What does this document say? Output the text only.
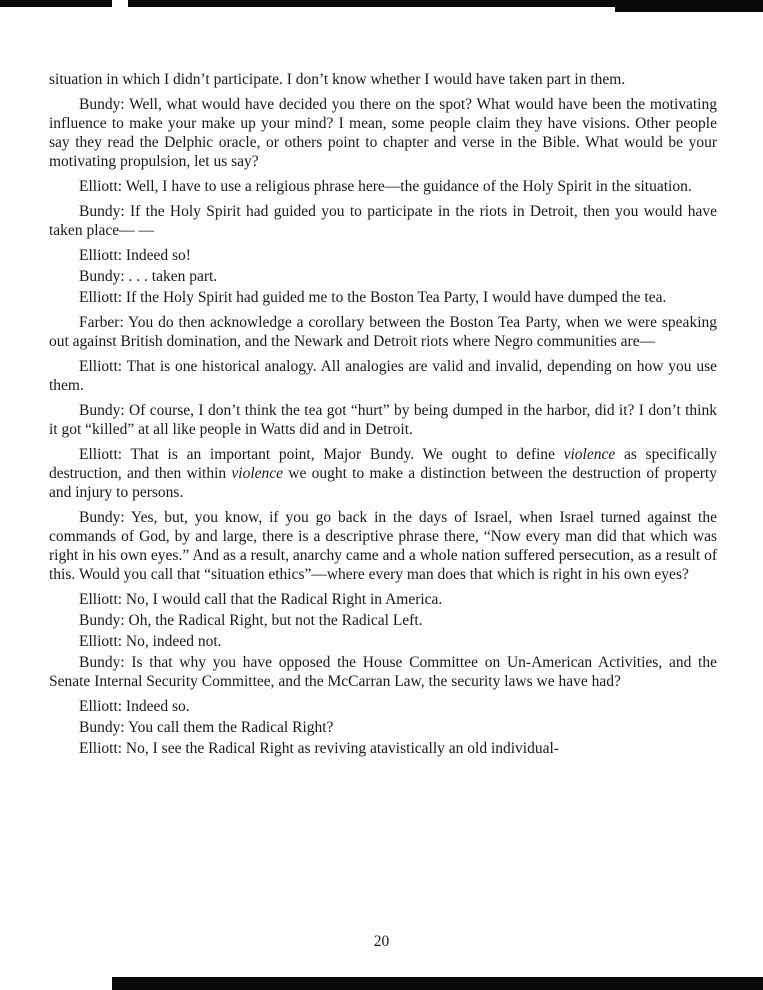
situation in which I didn’t participate. I don’t know whether I would have taken part in them.

Bundy: Well, what would have decided you there on the spot? What would have been the motivating influence to make your make up your mind? I mean, some people claim they have visions. Other people say they read the Delphic oracle, or others point to chapter and verse in the Bible. What would be your motivating propulsion, let us say?

Elliott: Well, I have to use a religious phrase here—the guidance of the Holy Spirit in the situation.

Bundy: If the Holy Spirit had guided you to participate in the riots in Detroit, then you would have taken place— —

Elliott: Indeed so!

Bundy: . . . taken part.

Elliott: If the Holy Spirit had guided me to the Boston Tea Party, I would have dumped the tea.

Farber: You do then acknowledge a corollary between the Boston Tea Party, when we were speaking out against British domination, and the Newark and Detroit riots where Negro communities are—

Elliott: That is one historical analogy. All analogies are valid and invalid, depending on how you use them.

Bundy: Of course, I don’t think the tea got “hurt” by being dumped in the harbor, did it? I don’t think it got “killed” at all like people in Watts did and in Detroit.

Elliott: That is an important point, Major Bundy. We ought to define violence as specifically destruction, and then within violence we ought to make a distinction between the destruction of property and injury to persons.

Bundy: Yes, but, you know, if you go back in the days of Israel, when Israel turned against the commands of God, by and large, there is a descriptive phrase there, “Now every man did that which was right in his own eyes.” And as a result, anarchy came and a whole nation suffered persecution, as a result of this. Would you call that “situation ethics”—where every man does that which is right in his own eyes?

Elliott: No, I would call that the Radical Right in America.

Bundy: Oh, the Radical Right, but not the Radical Left.

Elliott: No, indeed not.

Bundy: Is that why you have opposed the House Committee on Un-American Activities, and the Senate Internal Security Committee, and the McCarran Law, the security laws we have had?

Elliott: Indeed so.

Bundy: You call them the Radical Right?

Elliott: No, I see the Radical Right as reviving atavistically an old individual-

20
